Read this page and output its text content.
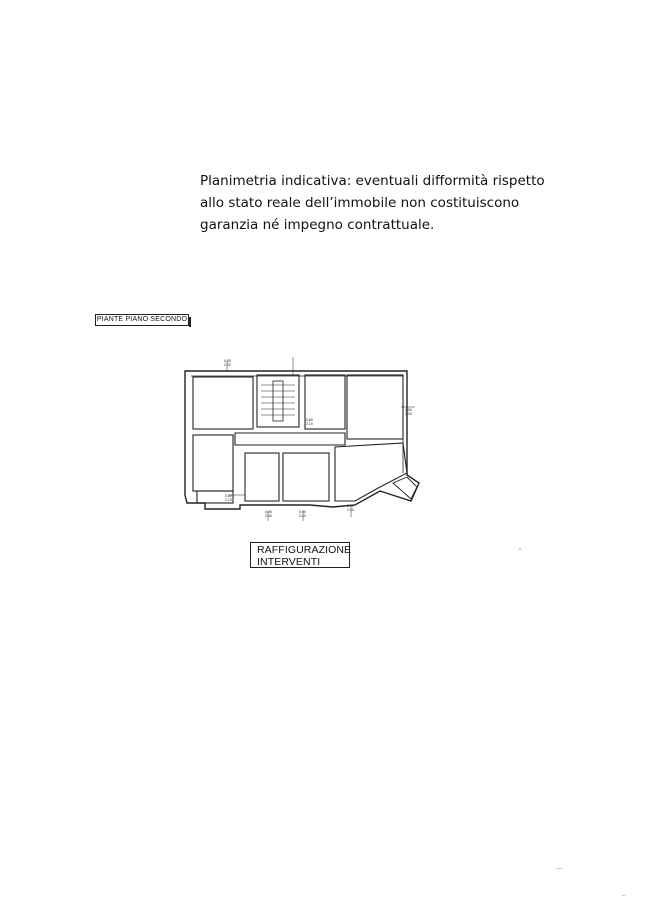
Planimetria indicativa: eventuali difformità rispetto
allo stato reale dell’immobile non costituiscono
garanzia né impegno contrattuale.
PIANTE PIANO SECONDO
0.80
2.20
0.80
2.10
1.50
1.30
0.80
2.10
0.90
2.40
0.90
2.40
0.90
2.40
RAFFIGURAZIONE
INTERVENTI
